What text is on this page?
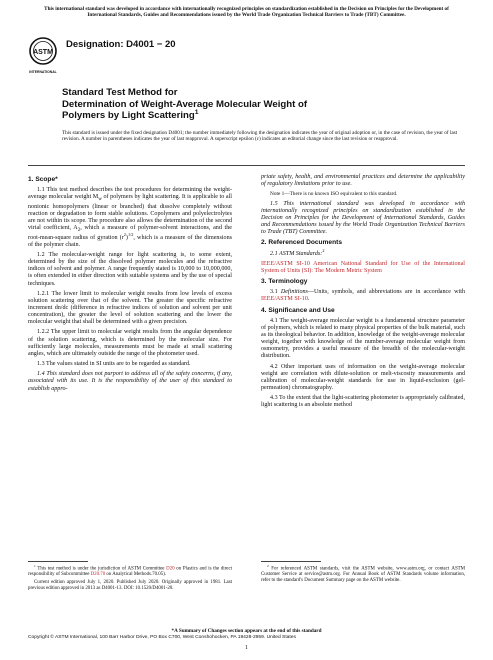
This international standard was developed in accordance with internationally recognized principles on standardization established in the Decision on Principles for the Development of International Standards, Guides and Recommendations issued by the World Trade Organization Technical Barriers to Trade (TBT) Committee.
ASTM
INTERNATIONAL
Designation: D4001 − 20
Standard Test Method for
Determination of Weight-Average Molecular Weight of
Polymers by Light Scattering$^1$
This standard is issued under the fixed designation D4001; the number immediately following the designation indicates the year of original adoption or, in the case of revision, the year of last revision. A number in parentheses indicates the year of last reapproval. A superscript epsilon (ε) indicates an editorial change since the last revision or reapproval.
1. Scope*

1.1 This test method describes the test procedures for determining the weight-average molecular weight $M_w$ of polymers by light scattering. It is applicable to all nonionic homopolymers (linear or branched) that dissolve completely without reaction or degradation to form stable solutions. Copolymers and polyelectrolytes are not within its scope. The procedure also allows the determination of the second virial coefficient, $A_2$, which a measure of polymer-solvent interactions, and the root-mean-square radius of gyration $(r^2)^{1/2}$, which is a measure of the dimensions of the polymer chain.

1.2 The molecular-weight range for light scattering is, to some extent, determined by the size of the dissolved polymer molecules and the refractive indices of solvent and polymer. A range frequently stated is 10,000 to 10,000,000, is often extended in either direction with suitable systems and by the use of special techniques.

1.2.1 The lower limit to molecular weight results from low levels of excess solution scattering over that of the solvent. The greater the specific refractive increment dn/dc (difference in refractive indices of solution and solvent per unit concentration), the greater the level of solution scattering and the lower the molecular weight that shall be determined with a given precision.

1.2.2 The upper limit to molecular weight results from the angular dependence of the solution scattering, which is determined by the molecular size. For sufficiently large molecules, measurements must be made at small scattering angles, which are ultimately outside the range of the photometer used.

1.3 The values stated in SI units are to be regarded as standard.

1.4 This standard does not purport to address all of the safety concerns, if any, associated with its use. It is the responsibility of the user of this standard to establish appro-

priate safety, health, and environmental practices and determine the applicability of regulatory limitations prior to use.

Note 1—There is no known ISO equivalent to this standard.

1.5 This international standard was developed in accordance with internationally recognized principles on standardization established in the Decision on Principles for the Development of International Standards, Guides and Recommendations issued by the World Trade Organization Technical Barriers to Trade (TBT) Committee.

2. Referenced Documents

2.1 ASTM Standards:$^2$

IEEE/ASTM SI-10 American National Standard for Use of the International System of Units (SI): The Modern Metric System

3. Terminology

3.1 Definitions—Units, symbols, and abbreviations are in accordance with IEEE/ASTM SI-10.

4. Significance and Use

4.1 The weight-average molecular weight is a fundamental structure parameter of polymers, which is related to many physical properties of the bulk material, such as its theological behavior. In addition, knowledge of the weight-average molecular weight, together with knowledge of the number-average molecular weight from osmometry, provides a useful measure of the breadth of the molecular-weight distribution.

4.2 Other important uses of information on the weight-average molecular weight are correlation with dilute-solution or melt-viscosity measurements and calibration of molecular-weight standards for use in liquid-exclusion (gel-permeation) chromatography.

4.3 To the extent that the light-scattering photometer is appropriately calibrated, light scattering is an absolute method

$^1$ This test method is under the jurisdiction of ASTM Committee D20 on Plastics and is the direct responsibility of Subcommittee D20.70 on Analytical Methods.70.05).

Current edition approved July 1, 2020. Published July 2020. Originally approved in 1981. Last previous edition approved in 2013 as D4001-13. DOI: 10.1520/D4001-20.

$^2$ For referenced ASTM standards, visit the ASTM website, www.astm.org, or contact ASTM Customer Service at service@astm.org. For Annual Book of ASTM Standards volume information, refer to the standard's Document Summary page on the ASTM website.

*A Summary of Changes section appears at the end of this standard
Copyright © ASTM International, 100 Barr Harbor Drive, PO Box C700, West Conshohocken, PA 19428-2959. United States
1
